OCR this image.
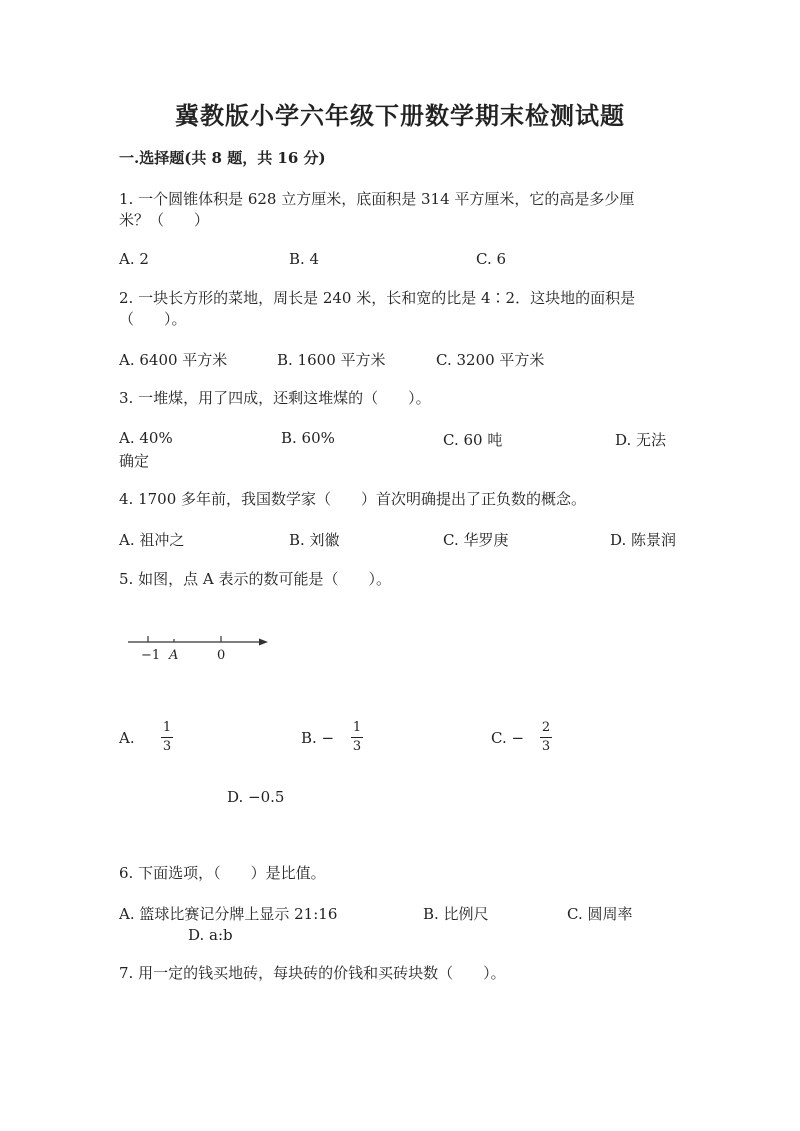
冀教版小学六年级下册数学期末检测试题
一.选择题(共 8 题，共 16 分)
1. 一个圆锥体积是 628 立方厘米，底面积是 314 平方厘米，它的高是多少厘
米？（　　）
A. 2	B. 4	C. 6
2. 一块长方形的菜地，周长是 240 米，长和宽的比是 4∶2．这块地的面积是
（　　）。
A. 6400 平方米	B. 1600 平方米	C. 3200 平方米
3. 一堆煤，用了四成，还剩这堆煤的（　　）。
A. 40%	B. 60%	C. 60 吨	D. 无法
确定
4. 1700 多年前，我国数学家（　　）首次明确提出了正负数的概念。
A. 祖冲之	B. 刘徽	C. 华罗庚	D. 陈景润
5. 如图，点 A 表示的数可能是（　　）。
−1 A	0
A.
1
3	B. −
1
3	C. −
2
3
D. −0.5
6. 下面选项，（　　）是比值。
A. 篮球比赛记分牌上显示 21:16	B. 比例尺	C. 圆周率
D. a:b
7. 用一定的钱买地砖，每块砖的价钱和买砖块数（　　）。
